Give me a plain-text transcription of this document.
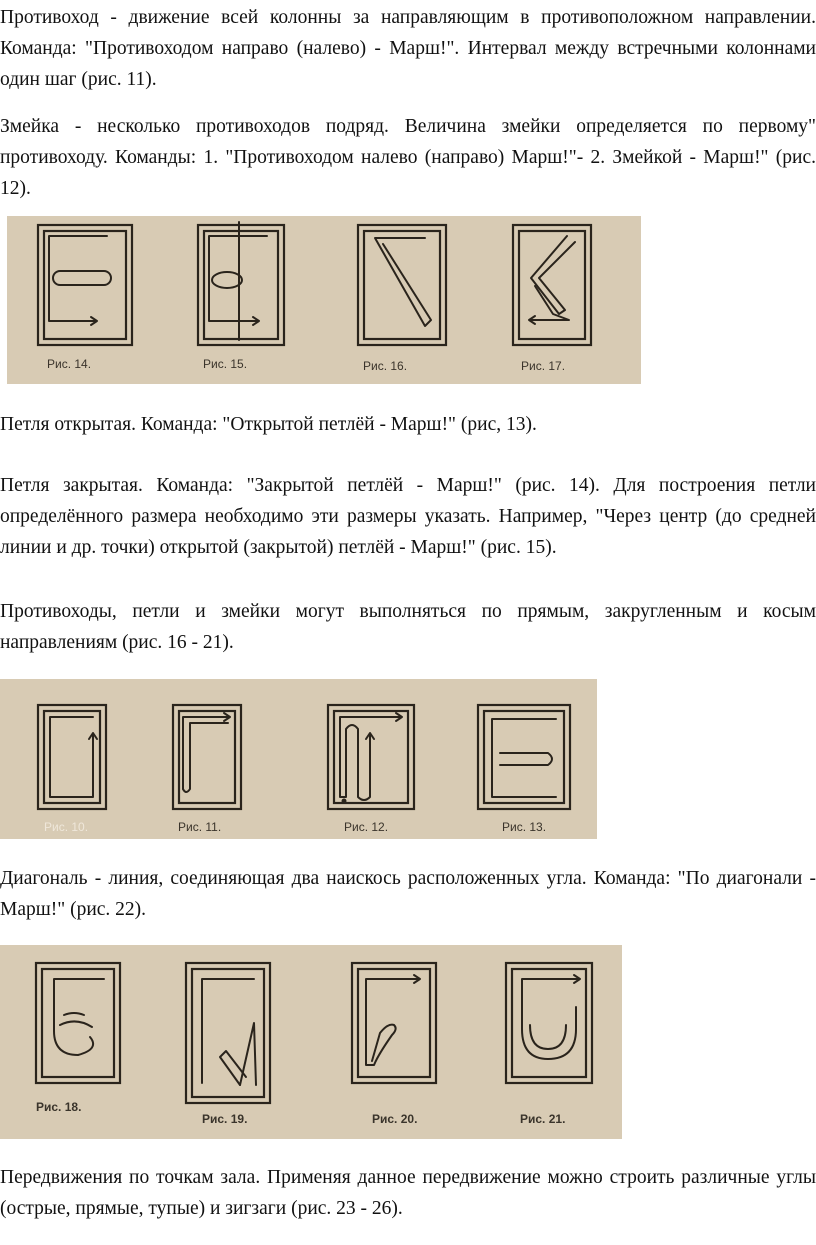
Противоход - движение всей колонны за направляющим в противоположном направлении. Команда: "Противоходом направо (налево) - Марш!". Интервал между встречными колоннами один шаг (рис. 11).

Змейка - несколько противоходов подряд. Величина змейки определяется по первому" противоходу. Команды: 1. "Противоходом налево (направо) Марш!"- 2. Змейкой - Марш!" (рис. 12).

Рис. 14.	Рис. 15.	Рис. 16.	Рис. 17.

Петля открытая. Команда: "Открытой петлёй - Марш!" (рис, 13).

Петля закрытая. Команда: "Закрытой петлёй - Марш!" (рис. 14). Для построения петли определённого размера необходимо эти размеры указать. Например, "Через центр (до средней линии и др. точки) открытой (закрытой) петлёй - Марш!" (рис. 15).

Противоходы, петли и змейки могут выполняться по прямым, закругленным и косым направлениям (рис. 16 - 21).

Рис. 10.	Рис. 11.	Рис. 12.	Рис. 13.

Диагональ - линия, соединяющая два наискось расположенных угла. Команда: "По диагонали - Марш!" (рис. 22).

Рис. 18.
Рис. 19.	Рис. 20.	Рис. 21.

Передвижения по точкам зала. Применяя данное передвижение можно строить различные углы (острые, прямые, тупые) и зигзаги (рис. 23 - 26).
